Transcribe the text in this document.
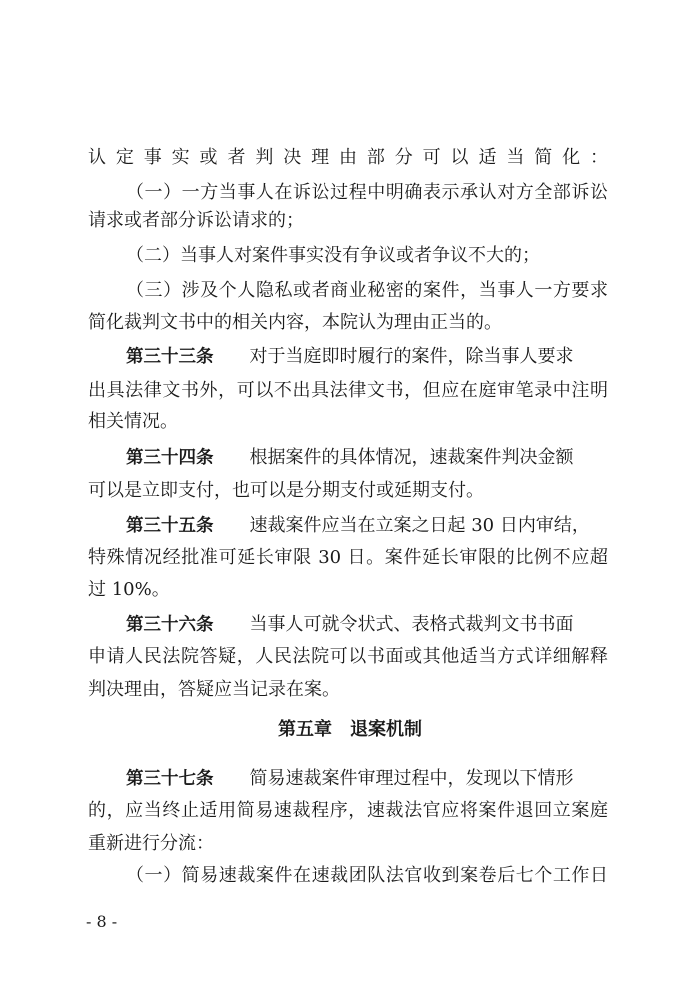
认定事实或者判决理由部分可以适当简化：
（一）一方当事人在诉讼过程中明确表示承认对方全部诉讼
请求或者部分诉讼请求的；
（二）当事人对案件事实没有争议或者争议不大的；
（三）涉及个人隐私或者商业秘密的案件，当事人一方要求
简化裁判文书中的相关内容，本院认为理由正当的。
第三十三条 对于当庭即时履行的案件，除当事人要求
出具法律文书外，可以不出具法律文书，但应在庭审笔录中注明
相关情况。
第三十四条 根据案件的具体情况，速裁案件判决金额
可以是立即支付，也可以是分期支付或延期支付。
第三十五条 速裁案件应当在立案之日起 30 日内审结，
特殊情况经批准可延长审限 30 日。案件延长审限的比例不应超
过 10%。
第三十六条 当事人可就令状式、表格式裁判文书书面
申请人民法院答疑，人民法院可以书面或其他适当方式详细解释
判决理由，答疑应当记录在案。
第五章 退案机制
第三十七条 简易速裁案件审理过程中，发现以下情形
的，应当终止适用简易速裁程序，速裁法官应将案件退回立案庭
重新进行分流：
（一）简易速裁案件在速裁团队法官收到案卷后七个工作日
- 8 -
